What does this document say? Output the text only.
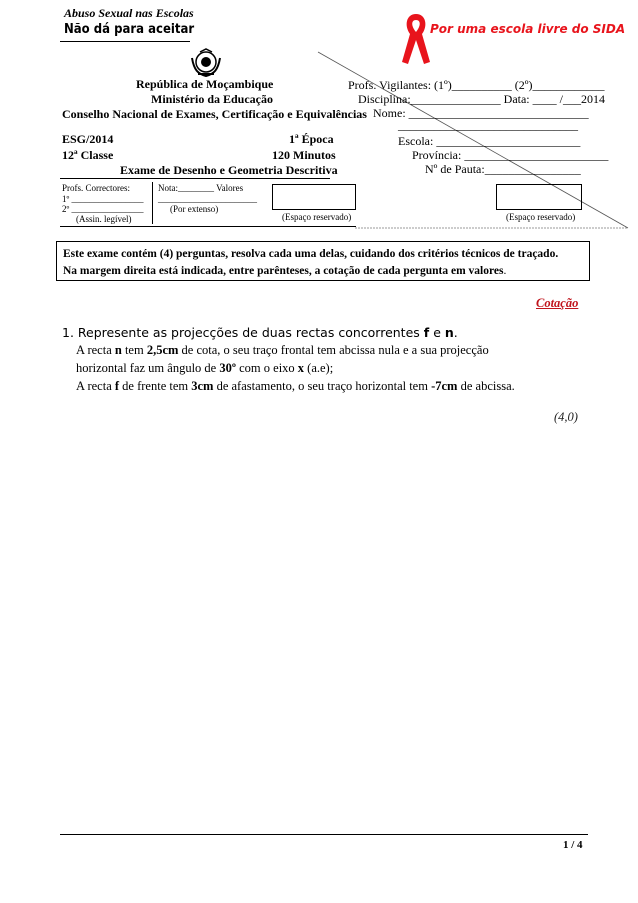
Abuso Sexual nas Escolas
Não dá para aceitar	Por uma escola livre do SIDA
República de Moçambique
Ministério da Educação
Conselho Nacional de Exames, Certificação e Equivalências
ESG/2014	1ª Época
12ª Classe	120 Minutos
Exame de Desenho e Geometria Descritiva
Profs. Vigilantes: (1º)__________ (2º)____________
Disciplina:_______________ Data: ____ /___2014
Nome: ______________________________
______________________________
Escola: ________________________
Província: ________________________
Nº de Pauta:________________
Profs. Correctores:
1º ________________
2º ________________
(Assin. legível)
Nota:________ Valores
______________________
(Por extenso)
(Espaço reservado)	(Espaço reservado)
Este exame contém (4) perguntas, resolva cada uma delas, cuidando dos critérios técnicos de traçado.
Na margem direita está indicada, entre parênteses, a cotação de cada pergunta em valores.
Cotação
1. Represente as projecções de duas rectas concorrentes f e n.
A recta n tem 2,5cm de cota, o seu traço frontal tem abcissa nula e a sua projecção
horizontal faz um ângulo de 30º com o eixo x (a.e);
A recta f de frente tem 3cm de afastamento, o seu traço horizontal tem -7cm de abcissa.
(4,0)
1 / 4
